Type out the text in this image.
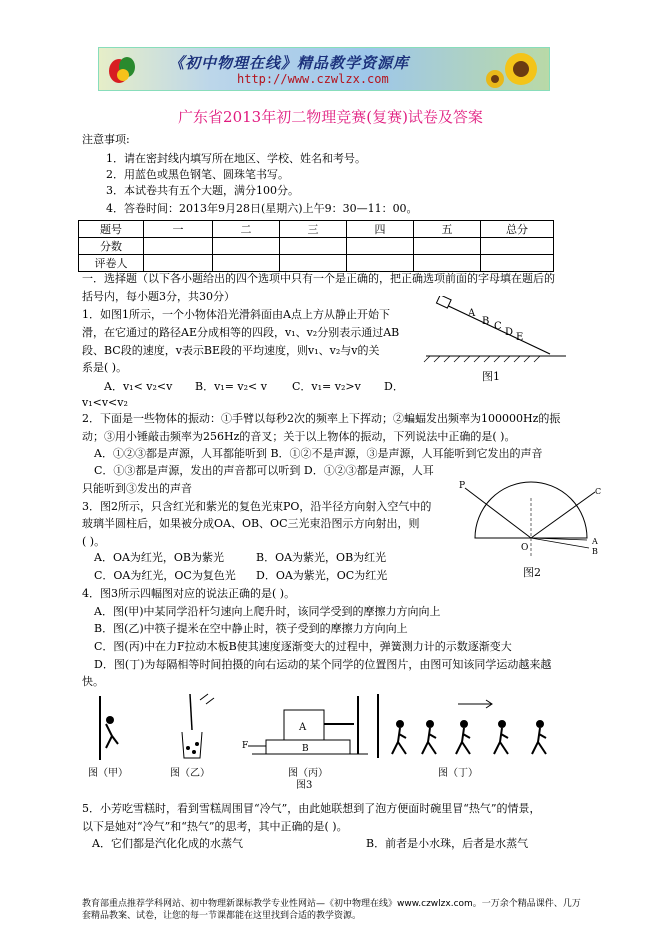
《初中物理在线》精品教学资源库
http://www.czwlzx.com
广东省2013年初二物理竞赛(复赛)试卷及答案
注意事项:
1．请在密封线内填写所在地区、学校、姓名和考号。
2．用蓝色或黑色钢笔、圆珠笔书写。
3．本试卷共有五个大题，满分100分。
4．答卷时间：2013年9月28日(星期六)上午9：30—11：00。
题号	一	二	三	四	五	总分
分数						
评卷人						
一．选择题（以下各小题给出的四个选项中只有一个是正确的，把正确选项前面的字母填在题后的
括号内，每小题3分，共30分）
1．如图1所示，一个小物体沿光滑斜面由A点上方从静止开始下
滑，在它通过的路径AE分成相等的四段，v₁、v₂分别表示通过AB
段、BC段的速度，v表示BE段的平均速度，则v₁、v₂与v的关
系是( )。
A．v₁< v₂<v B．v₁= v₂< v C．v₁= v₂>v D．
v₁<v<v₂
A
B C
D E
图1
2．下面是一些物体的振动：①手臂以每秒2次的频率上下挥动；②蝙蝠发出频率为100000Hz的振
动；③用小锤敲击频率为256Hz的音叉；关于以上物体的振动，下列说法中正确的是( )。
A．①②③都是声源，人耳都能听到 B．①②不是声源，③是声源，人耳能听到它发出的声音
C．①③都是声源，发出的声音都可以听到 D．①②③都是声源，人耳
只能听到③发出的声音
3．图2所示，只含红光和紫光的复色光束PO，沿半径方向射入空气中的
玻璃半圆柱后，如果被分成OA、OB、OC三光束沿图示方向射出，则
( )。
A．OA为红光，OB为紫光	B．OA为紫光，OB为红光
C．OA为红光，OC为复色光 D．OA为紫光，OC为红光
P
O
A
B
C
图2
4．图3所示四幅图对应的说法正确的是( )。
A．图(甲)中某同学沿杆匀速向上爬升时，该同学受到的摩擦力方向向上
B．图(乙)中筷子提米在空中静止时，筷子受到的摩擦力方向向上
C．图(丙)中在力F拉动木板B使其速度逐渐变大的过程中，弹簧测力计的示数逐渐变大
D．图(丁)为每隔相等时间拍摄的向右运动的某个同学的位置图片，由图可知该同学运动越来越
快。
图（甲）	图（乙）
A
B
F
图（丙）
图3
图（丁）
5．小芳吃雪糕时，看到雪糕周围冒“冷气”，由此她联想到了泡方便面时碗里冒“热气”的情景，
以下是她对“冷气”和“热气”的思考，其中正确的是( )。
A．它们都是汽化化成的水蒸气	B．前者是小水珠，后者是水蒸气
教育部重点推荐学科网站、初中物理新课标教学专业性网站—《初中物理在线》www.czwlzx.com。一万余个精品课件、几万套精品教案、试卷，让您的每一节课都能在这里找到合适的教学资源。
